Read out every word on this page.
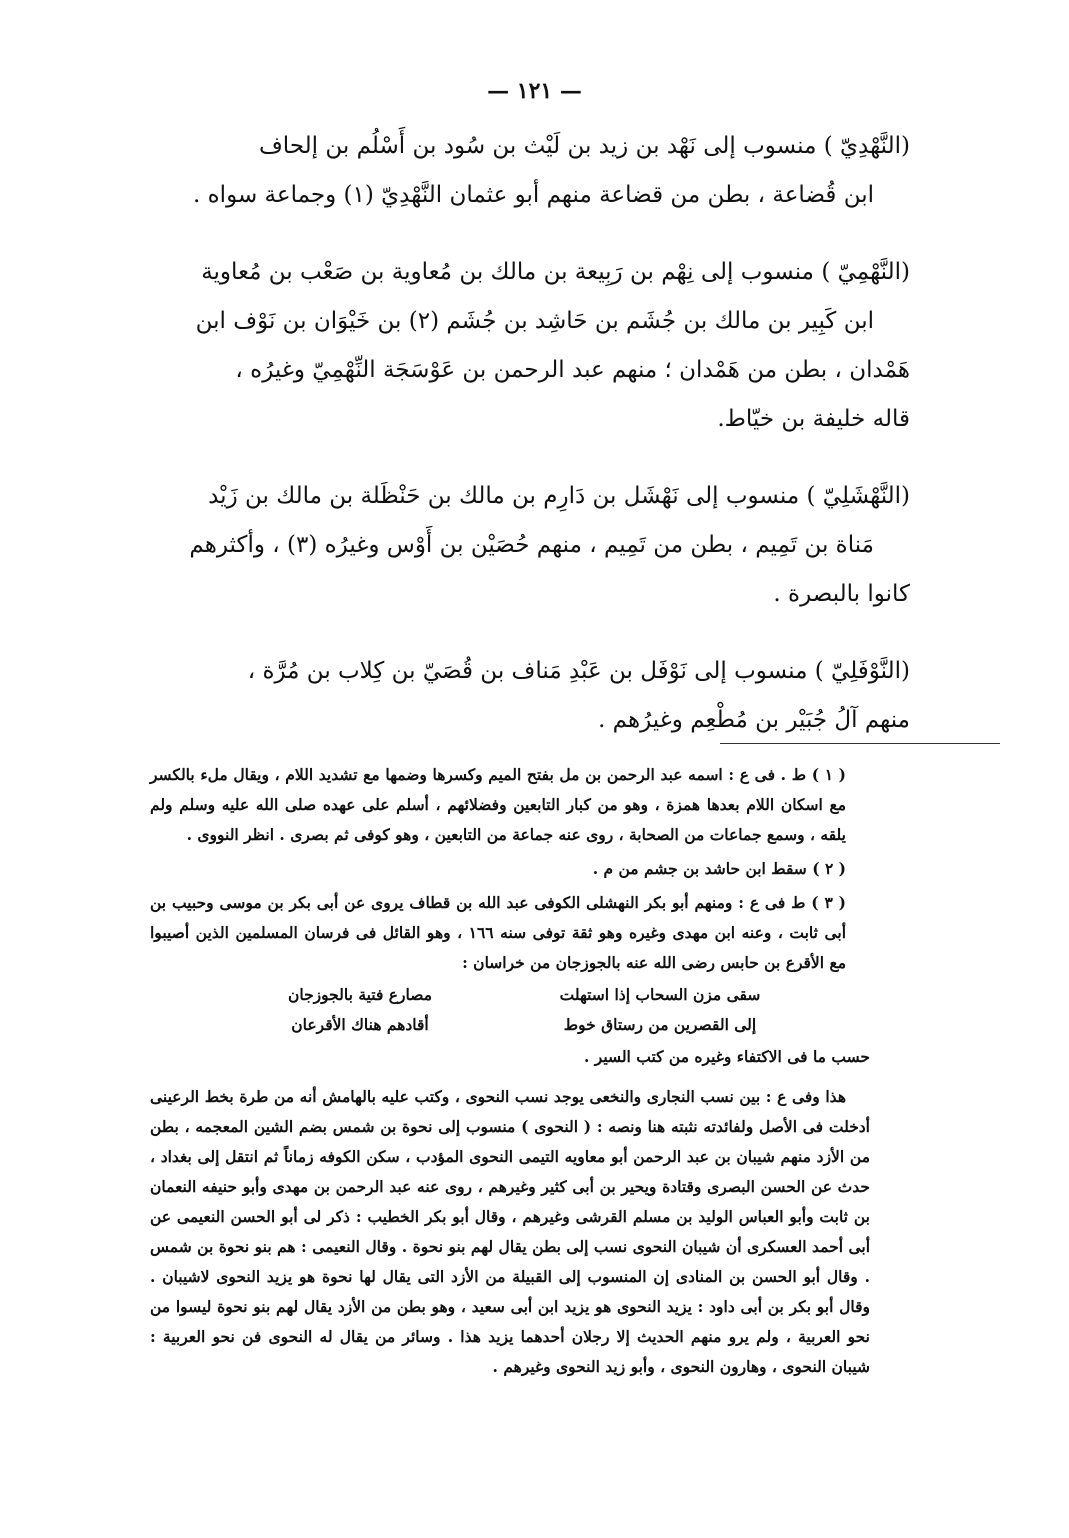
— ١٢١ —

(النَّهْدِيّ ) منسوب إلى نَهْد بن زيد بن لَيْث بن سُود بن أَسْلُم بن إلحاف

ابن قُضاعة ، بطن من قضاعة منهم أبو عثمان النَّهْدِيّ (١) وجماعة سواه .

(النَّهْمِيّ ) منسوب إلى نِهْم بن رَبِيعة بن مالك بن مُعاوية بن صَعْب بن مُعاوية

ابن كَبِير بن مالك بن جُشَم بن حَاشِد بن جُشَم (٢) بن خَيْوَان بن نَوْف ابن

هَمْدان ، بطن من هَمْدان ؛ منهم عبد الرحمن بن عَوْسَجَة النِّهْمِيّ وغيرُه ،

قاله خليفة بن خيّاط.

(النَّهْشَلِيّ ) منسوب إلى نَهْشَل بن دَارِم بن مالك بن حَنْظَلة بن مالك بن زَيْد

مَناة بن تَمِيم ، بطن من تَمِيم ، منهم حُصَيْن بن أَوْس وغيرُه (٣) ، وأكثرهم

كانوا بالبصرة .

(النَّوْفَلِيّ ) منسوب إلى نَوْفَل بن عَبْدِ مَناف بن قُصَيّ بن كِلاب بن مُرَّة ،

منهم آلُ جُبَيْر بن مُطْعِم وغيرُهم .

( ١ ) ط . فى ع : اسمه عبد الرحمن بن مل بفتح الميم وكسرها وضمها مع تشديد اللام ، ويقال ملء بالكسر مع اسكان اللام بعدها همزة ، وهو من كبار التابعين وفضلائهم ، أسلم على عهده صلى الله عليه وسلم ولم يلقه ، وسمع جماعات من الصحابة ، روى عنه جماعة من التابعين ، وهو كوفى ثم بصرى . انظر النووى .
( ٢ ) سقط ابن حاشد بن جشم من م .
( ٣ ) ط فى ع : ومنهم أبو بكر النهشلى الكوفى عبد الله بن قطاف يروى عن أبى بكر بن موسى وحبيب بن أبى ثابت ، وعنه ابن مهدى وغيره وهو ثقة توفى سنه ١٦٦ ، وهو القائل فى فرسان المسلمين الذين أصيبوا مع الأقرع بن حابس رضى الله عنه بالجوزجان من خراسان :
سقى مزن السحاب إذا استهلت
مصارع فتية بالجوزجان
إلى القصرين من رستاق خوط
أقادهم هناك الأقرعان
حسب ما فى الاكتفاء وغيره من كتب السير .
هذا وفى ع : بين نسب النجارى والنخعى يوجد نسب النحوى ، وكتب عليه بالهامش أنه من طرة بخط الرعينى أدخلت فى الأصل ولفائدته نثبته هنا ونصه : ( النحوى ) منسوب إلى نحوة بن شمس بضم الشين المعجمه ، بطن من الأزد منهم شيبان بن عبد الرحمن أبو معاويه التيمى النحوى المؤدب ، سكن الكوفه زماناً ثم انتقل إلى بغداد ، حدث عن الحسن البصرى وقتادة ويحير بن أبى كثير وغيرهم ، روى عنه عبد الرحمن بن مهدى وأبو حنيفه النعمان بن ثابت وأبو العباس الوليد بن مسلم القرشى وغيرهم ، وقال أبو بكر الخطيب : ذكر لى أبو الحسن النعيمى عن أبى أحمد العسكرى أن شيبان النحوى نسب إلى بطن يقال لهم بنو نحوة . وقال النعيمى : هم بنو نحوة بن شمس . وقال أبو الحسن بن المنادى إن المنسوب إلى القبيلة من الأزد التى يقال لها نحوة هو يزيد النحوى لاشيبان . وقال أبو بكر بن أبى داود : يزيد النحوى هو يزيد ابن أبى سعيد ، وهو بطن من الأزد يقال لهم بنو نحوة ليسوا من نحو العربية ، ولم يرو منهم الحديث إلا رجلان أحدهما يزيد هذا . وسائر من يقال له النحوى فن نحو العربية : شيبان النحوى ، وهارون النحوى ، وأبو زيد النحوى وغيرهم .
